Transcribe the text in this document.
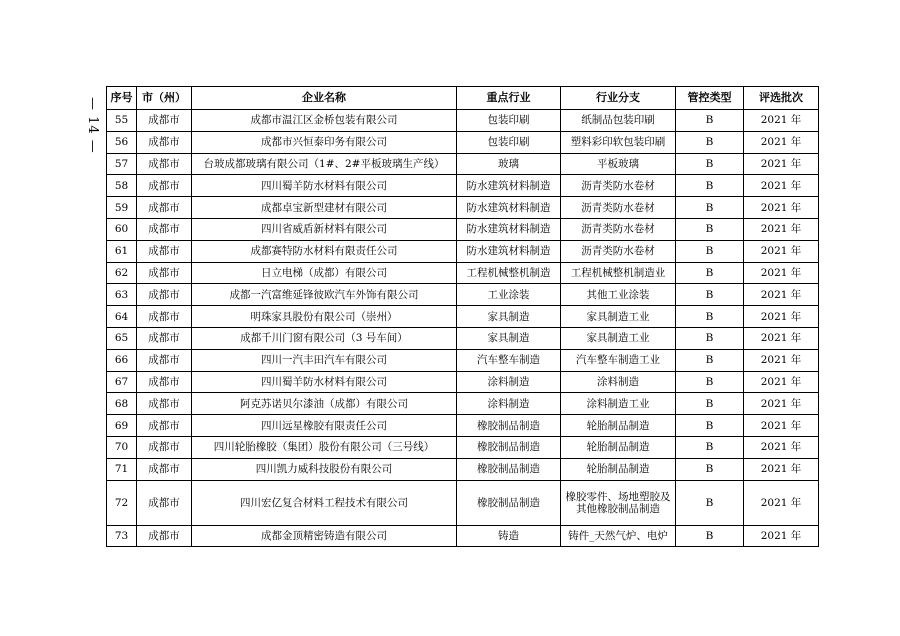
— 14 — 序号	市（州）	企业名称	重点行业	行业分支	管控类型	评选批次
55	成都市	成都市温江区金桥包装有限公司	包装印刷	纸制品包装印刷	B	2021 年
56	成都市	成都市兴恒泰印务有限公司	包装印刷	塑料彩印软包装印刷	B	2021 年
57	成都市	台玻成都玻璃有限公司（1#、2#平板玻璃生产线）	玻璃	平板玻璃	B	2021 年
58	成都市	四川蜀羊防水材料有限公司	防水建筑材料制造	沥青类防水卷材	B	2021 年
59	成都市	成都卓宝新型建材有限公司	防水建筑材料制造	沥青类防水卷材	B	2021 年
60	成都市	四川省威盾新材料有限公司	防水建筑材料制造	沥青类防水卷材	B	2021 年
61	成都市	成都赛特防水材料有限责任公司	防水建筑材料制造	沥青类防水卷材	B	2021 年
62	成都市	日立电梯（成都）有限公司	工程机械整机制造	工程机械整机制造业	B	2021 年
63	成都市	成都一汽富维延锋彼欧汽车外饰有限公司	工业涂装	其他工业涂装	B	2021 年
64	成都市	明珠家具股份有限公司（崇州）	家具制造	家具制造工业	B	2021 年
65	成都市	成都千川门窗有限公司（3 号车间）	家具制造	家具制造工业	B	2021 年
66	成都市	四川一汽丰田汽车有限公司	汽车整车制造	汽车整车制造工业	B	2021 年
67	成都市	四川蜀羊防水材料有限公司	涂料制造	涂料制造	B	2021 年
68	成都市	阿克苏诺贝尔漆油（成都）有限公司	涂料制造	涂料制造工业	B	2021 年
69	成都市	四川远星橡胶有限责任公司	橡胶制品制造	轮胎制品制造	B	2021 年
70	成都市	四川轮胎橡胶（集团）股份有限公司（三号线）	橡胶制品制造	轮胎制品制造	B	2021 年
71	成都市	四川凯力威科技股份有限公司	橡胶制品制造	轮胎制品制造	B	2021 年
72	成都市	四川宏亿复合材料工程技术有限公司	橡胶制品制造	橡胶零件、场地塑胶及其他橡胶制品制造	B	2021 年
73	成都市	成都金顶精密铸造有限公司	铸造	铸件_天然气炉、电炉	B	2021 年
